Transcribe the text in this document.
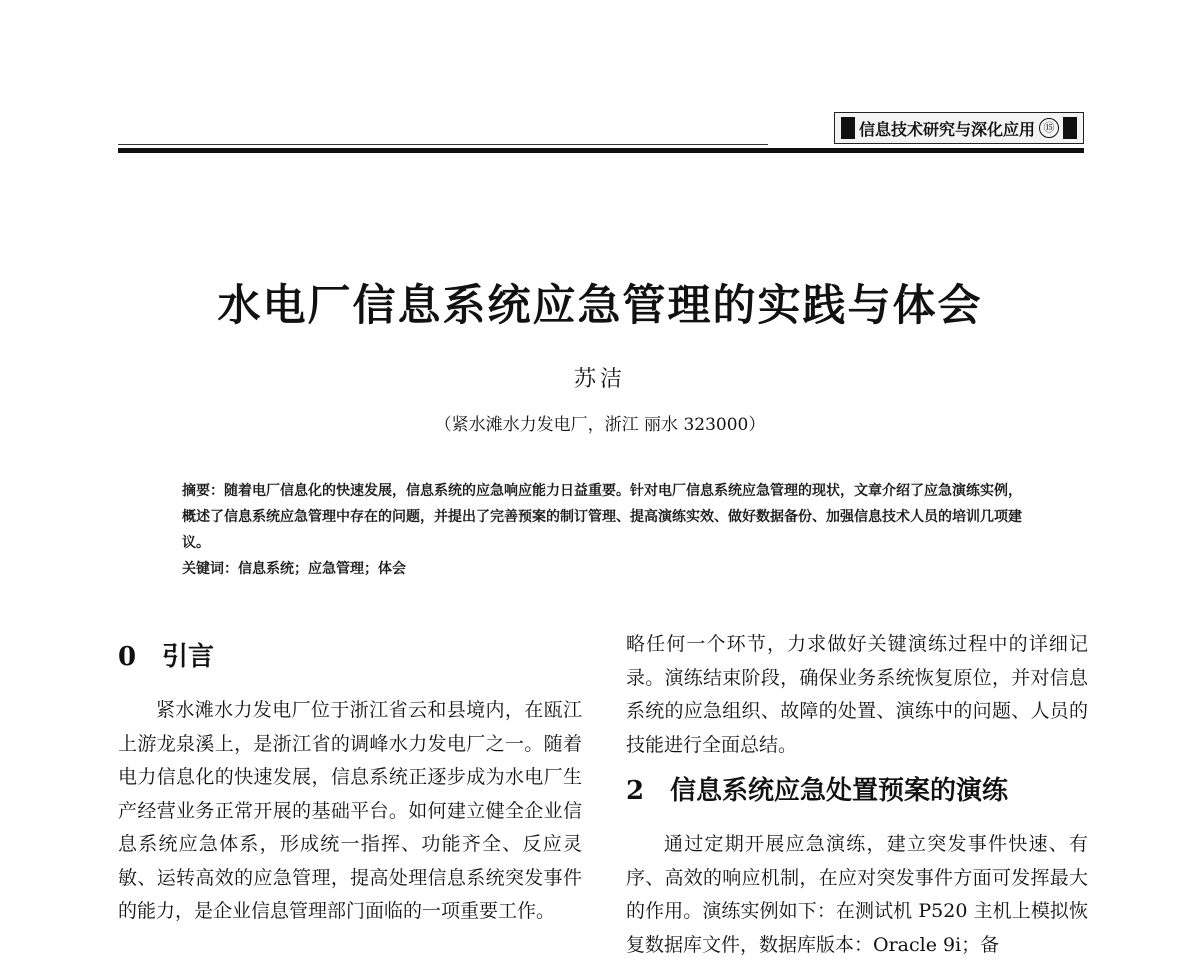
信息技术研究与深化应用 ⑮
水电厂信息系统应急管理的实践与体会
苏洁
（紧水滩水力发电厂，浙江 丽水 323000）
摘要：随着电厂信息化的快速发展，信息系统的应急响应能力日益重要。针对电厂信息系统应急管理的现状，文章介绍了应急演练实例，概述了信息系统应急管理中存在的问题，并提出了完善预案的制订管理、提高演练实效、做好数据备份、加强信息技术人员的培训几项建议。
关键词：信息系统；应急管理；体会
0 引言

紧水滩水力发电厂位于浙江省云和县境内，在瓯江上游龙泉溪上，是浙江省的调峰水力发电厂之一。随着电力信息化的快速发展，信息系统正逐步成为水电厂生产经营业务正常开展的基础平台。如何建立健全企业信息系统应急体系，形成统一指挥、功能齐全、反应灵敏、运转高效的应急管理，提高处理信息系统突发事件的能力，是企业信息管理部门面临的一项重要工作。

略任何一个环节，力求做好关键演练过程中的详细记录。演练结束阶段，确保业务系统恢复原位，并对信息系统的应急组织、故障的处置、演练中的问题、人员的技能进行全面总结。

2 信息系统应急处置预案的演练

通过定期开展应急演练，建立突发事件快速、有序、高效的响应机制，在应对突发事件方面可发挥最大的作用。演练实例如下：在测试机 P520 主机上模拟恢复数据库文件，数据库版本：Oracle 9i；备
